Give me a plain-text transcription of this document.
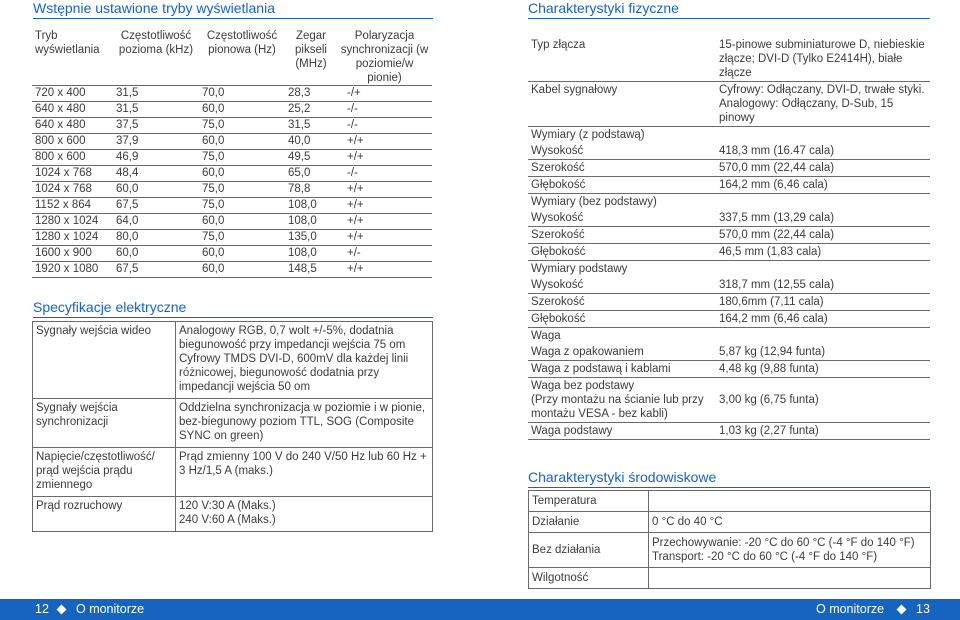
Wstępnie ustawione tryby wyświetlania
Tryb wyświetlania	Częstotliwość pozioma (kHz)	Częstotliwość pionowa (Hz)	Zegar pikseli (MHz)	Polaryzacja synchronizacji (w poziomie/w pionie)
720 x 400	31,5	70,0	28,3	-/+
640 x 480	31,5	60,0	25,2	-/-
640 x 480	37,5	75,0	31,5	-/-
800 x 600	37,9	60,0	40,0	+/+
800 x 600	46,9	75,0	49,5	+/+
1024 x 768	48,4	60,0	65,0	-/-
1024 x 768	60,0	75,0	78,8	+/+
1152 x 864	67,5	75,0	108,0	+/+
1280 x 1024	64,0	60,0	108,0	+/+
1280 x 1024	80,0	75,0	135,0	+/+
1600 x 900	60,0	60,0	108,0	+/-
1920 x 1080	67,5	60,0	148,5	+/+
Specyfikacje elektryczne
Sygnały wejścia wideo	Analogowy RGB, 0,7 wolt +/-5%, dodatnia biegunowość przy impedancji wejścia 75 om
Cyfrowy TMDS DVI-D, 600mV dla każdej linii różnicowej, biegunowość dodatnia przy impedancji wejścia 50 om
Sygnały wejścia synchronizacji	Oddzielna synchronizacja w poziomie i w pionie, bez-biegunowy poziom TTL, SOG (Composite SYNC on green)
Napięcie/częstotliwość/ prąd wejścia prądu zmiennego	Prąd zmienny 100 V do 240 V/50 Hz lub 60 Hz + 3 Hz/1,5 A (maks.)
Prąd rozruchowy	120 V:30 A (Maks.)
240 V:60 A (Maks.)
Charakterystyki fizyczne
Typ złącza	15-pinowe subminiaturowe D, niebieskie złącze; DVI-D (Tylko E2414H), białe złącze
Kabel sygnałowy	Cyfrowy: Odłączany, DVI-D, trwałe styki.
Analogowy: Odłączany, D-Sub, 15 pinowy
Wymiary (z podstawą)	
Wysokość	418,3 mm (16.47 cala)
Szerokość	570,0 mm (22,44 cala)
Głębokość	164,2 mm (6,46 cala)
Wymiary (bez podstawy)	
Wysokość	337,5 mm (13,29 cala)
Szerokość	570,0 mm (22,44 cala)
Głębokość	46,5 mm (1,83 cala)
Wymiary podstawy	
Wysokość	318,7 mm (12,55 cala)
Szerokość	180,6mm (7,11 cala)
Głębokość	164,2 mm (6,46 cala)
Waga	
Waga z opakowaniem	5,87 kg (12,94 funta)
Waga z podstawą i kablami	4,48 kg (9,88 funta)
Waga bez podstawy
(Przy montażu na ścianie lub przy montażu VESA - bez kabli)	3,00 kg (6,75 funta)
Waga podstawy	1,03 kg (2,27 funta)
Charakterystyki środowiskowe
Temperatura	
Działanie	0 °C do 40 °C
Bez działania	Przechowywanie: -20 °C do 60 °C (-4 °F do 140 °F)
Transport: -20 °C do 60 °C (-4 °F do 140 °F)
Wilgotność	
12 O monitorze	O monitorze	13
